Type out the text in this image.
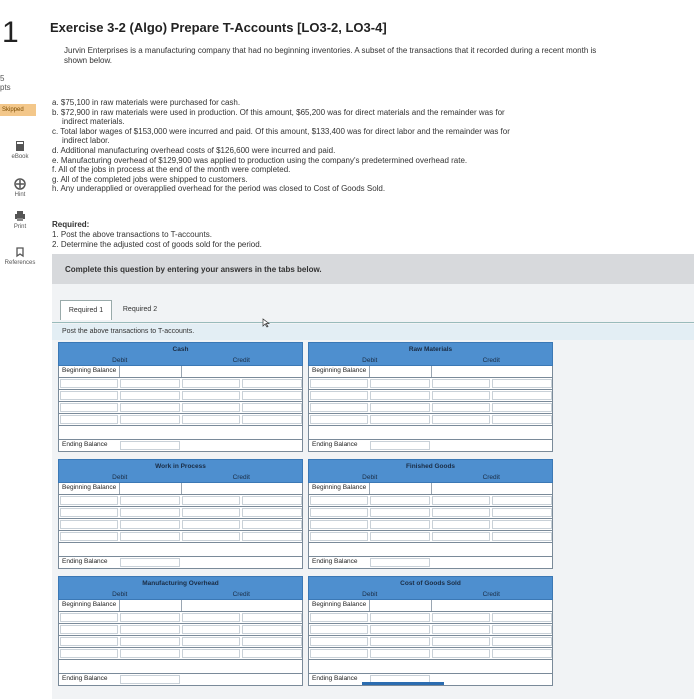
1
5
pts
Skipped
eBook
Hint
Print
References
Exercise 3-2 (Algo) Prepare T-Accounts [LO3-2, LO3-4]
Jurvin Enterprises is a manufacturing company that had no beginning inventories. A subset of the transactions that it recorded during a recent month is shown below.
a. $75,100 in raw materials were purchased for cash.
b. $72,900 in raw materials were used in production. Of this amount, $65,200 was for direct materials and the remainder was for
indirect materials.
c. Total labor wages of $153,000 were incurred and paid. Of this amount, $133,400 was for direct labor and the remainder was for
indirect labor.
d. Additional manufacturing overhead costs of $126,600 were incurred and paid.
e. Manufacturing overhead of $129,900 was applied to production using the company's predetermined overhead rate.
f. All of the jobs in process at the end of the month were completed.
g. All of the completed jobs were shipped to customers.
h. Any underapplied or overapplied overhead for the period was closed to Cost of Goods Sold.
Required:
1. Post the above transactions to T-accounts.
2. Determine the adjusted cost of goods sold for the period.
Complete this question by entering your answers in the tabs below.
Required 1	Required 2
Post the above transactions to T-accounts.
Cash
Debit	Credit
Beginning Balance
Ending Balance
Raw Materials
Debit	Credit
Beginning Balance
Ending Balance
Work in Process
Debit	Credit
Beginning Balance
Ending Balance
Finished Goods
Debit	Credit
Beginning Balance
Ending Balance
Manufacturing Overhead
Debit	Credit
Beginning Balance
Ending Balance
Cost of Goods Sold
Debit	Credit
Beginning Balance
Ending Balance
